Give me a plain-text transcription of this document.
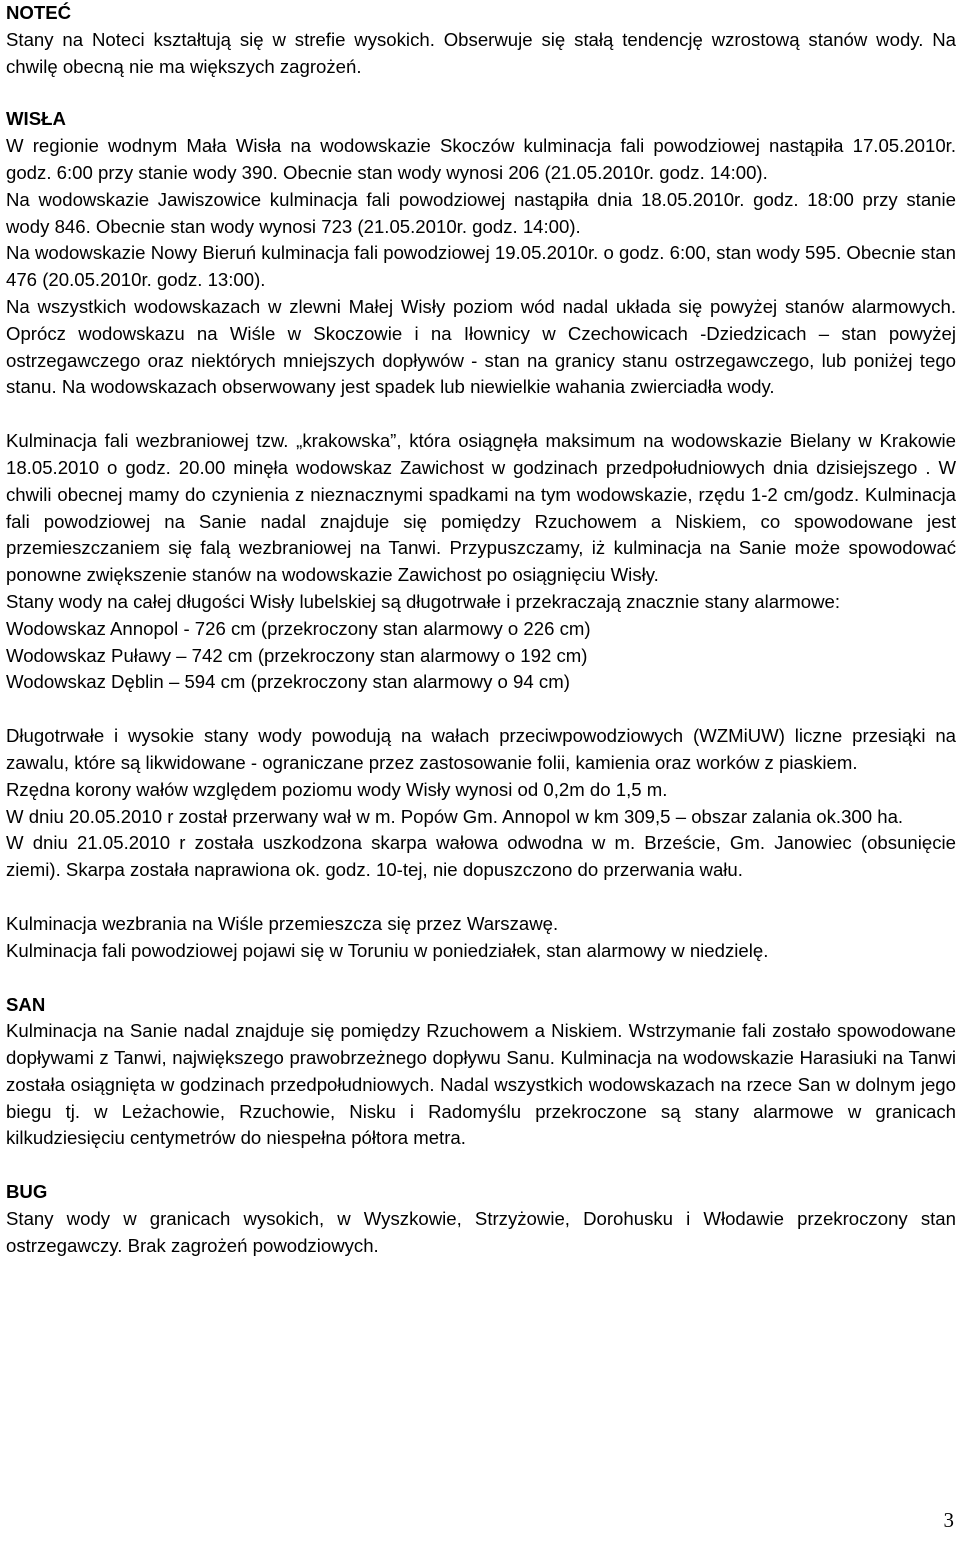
NOTEĆ

Stany na Noteci kształtują się w strefie wysokich. Obserwuje się stałą tendencję wzrostową stanów wody. Na chwilę obecną nie ma większych zagrożeń.

WISŁA

W regionie wodnym Mała Wisła na wodowskazie Skoczów kulminacja fali powodziowej nastąpiła 17.05.2010r. godz. 6:00 przy stanie wody 390. Obecnie stan wody wynosi 206 (21.05.2010r. godz. 14:00).

Na wodowskazie Jawiszowice kulminacja fali powodziowej nastąpiła dnia 18.05.2010r. godz. 18:00 przy stanie wody 846. Obecnie stan wody wynosi 723 (21.05.2010r. godz. 14:00).

Na wodowskazie Nowy Bieruń kulminacja fali powodziowej 19.05.2010r. o godz. 6:00, stan wody 595. Obecnie stan 476 (20.05.2010r. godz. 13:00).

Na wszystkich wodowskazach w zlewni Małej Wisły poziom wód nadal układa się powyżej stanów alarmowych. Oprócz wodowskazu na Wiśle w Skoczowie i na Iłownicy w Czechowicach -Dziedzicach – stan powyżej ostrzegawczego oraz niektórych mniejszych dopływów - stan na granicy stanu ostrzegawczego, lub poniżej tego stanu. Na wodowskazach obserwowany jest spadek lub niewielkie wahania zwierciadła wody.

Kulminacja fali wezbraniowej tzw. „krakowska”, która osiągnęła maksimum na wodowskazie Bielany w Krakowie 18.05.2010 o godz. 20.00 minęła wodowskaz Zawichost w godzinach przedpołudniowych dnia dzisiejszego . W chwili obecnej mamy do czynienia z nieznacznymi spadkami na tym wodowskazie, rzędu 1-2 cm/godz. Kulminacja fali powodziowej na Sanie nadal znajduje się pomiędzy Rzuchowem a Niskiem, co spowodowane jest przemieszczaniem się falą wezbraniowej na Tanwi. Przypuszczamy, iż kulminacja na Sanie może spowodować ponowne zwiększenie stanów na wodowskazie Zawichost po osiągnięciu Wisły.

Stany wody na całej długości Wisły lubelskiej są długotrwałe i przekraczają znacznie stany alarmowe:

Wodowskaz Annopol - 726 cm (przekroczony stan alarmowy o 226 cm)

Wodowskaz Puławy – 742 cm (przekroczony stan alarmowy o 192 cm)

Wodowskaz Dęblin – 594 cm (przekroczony stan alarmowy o 94 cm)

Długotrwałe i wysokie stany wody powodują na wałach przeciwpowodziowych (WZMiUW) liczne przesiąki na zawalu, które są likwidowane - ograniczane przez zastosowanie folii, kamienia oraz worków z piaskiem.

Rzędna korony wałów względem poziomu wody Wisły wynosi od 0,2m do 1,5 m.

W dniu 20.05.2010 r został przerwany wał w m. Popów Gm. Annopol w km 309,5 – obszar zalania ok.300 ha.

W dniu 21.05.2010 r została uszkodzona skarpa wałowa odwodna w m. Brzeście, Gm. Janowiec (obsunięcie ziemi). Skarpa została naprawiona ok. godz. 10-tej, nie dopuszczono do przerwania wału.

Kulminacja wezbrania na Wiśle przemieszcza się przez Warszawę.

Kulminacja fali powodziowej pojawi się w Toruniu w poniedziałek, stan alarmowy w niedzielę.

SAN

Kulminacja na Sanie nadal znajduje się pomiędzy Rzuchowem a Niskiem. Wstrzymanie fali zostało spowodowane dopływami z Tanwi, największego prawobrzeżnego dopływu Sanu. Kulminacja na wodowskazie Harasiuki na Tanwi została osiągnięta w godzinach przedpołudniowych. Nadal wszystkich wodowskazach na rzece San w dolnym jego biegu tj. w Leżachowie, Rzuchowie, Nisku i Radomyślu przekroczone są stany alarmowe w granicach kilkudziesięciu centymetrów do niespełna półtora metra.

BUG

Stany wody w granicach wysokich, w Wyszkowie, Strzyżowie, Dorohusku i Włodawie przekroczony stan ostrzegawczy. Brak zagrożeń powodziowych.

3
